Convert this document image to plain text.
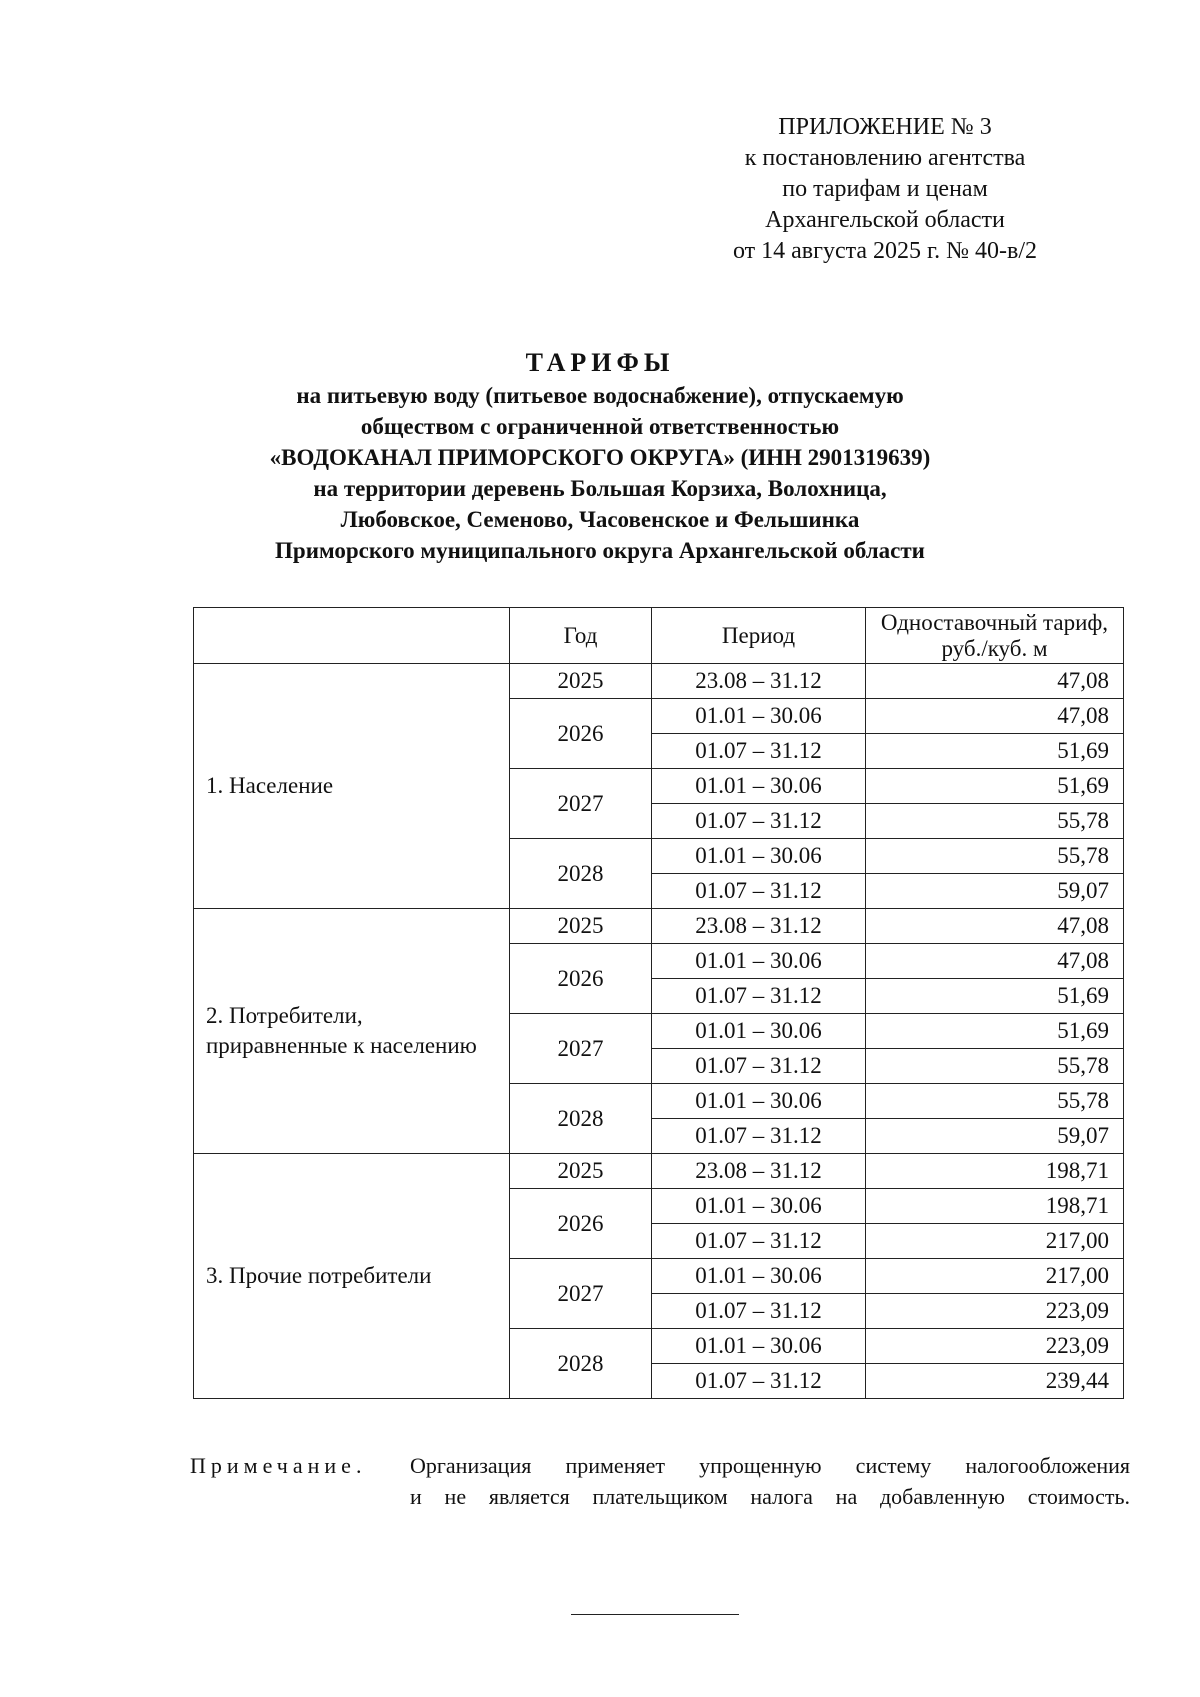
ПРИЛОЖЕНИЕ № 3
к постановлению агентства
по тарифам и ценам
Архангельской области
от 14 августа 2025 г. № 40-в/2
ТАРИФЫ
на питьевую воду (питьевое водоснабжение), отпускаемую
обществом с ограниченной ответственностью
«ВОДОКАНАЛ ПРИМОРСКОГО ОКРУГА» (ИНН 2901319639)
на территории деревень Большая Корзиха, Волохница,
Любовское, Семеново, Часовенское и Фельшинка
Приморского муниципального округа Архангельской области
	Год	Период	Одноставочный тариф, руб./куб. м
1. Население	2025	23.08 – 31.12	47,08
	2026	01.01 – 30.06	47,08
		01.07 – 31.12	51,69
	2027	01.01 – 30.06	51,69
		01.07 – 31.12	55,78
	2028	01.01 – 30.06	55,78
		01.07 – 31.12	59,07
2. Потребители, приравненные к населению	2025	23.08 – 31.12	47,08
	2026	01.01 – 30.06	47,08
		01.07 – 31.12	51,69
	2027	01.01 – 30.06	51,69
		01.07 – 31.12	55,78
	2028	01.01 – 30.06	55,78
		01.07 – 31.12	59,07
3. Прочие потребители	2025	23.08 – 31.12	198,71
	2026	01.01 – 30.06	198,71
		01.07 – 31.12	217,00
	2027	01.01 – 30.06	217,00
		01.07 – 31.12	223,09
	2028	01.01 – 30.06	223,09
		01.07 – 31.12	239,44
Примечание. Организация применяет упрощенную систему налогообложения
и не является плательщиком налога на добавленную стоимость.
